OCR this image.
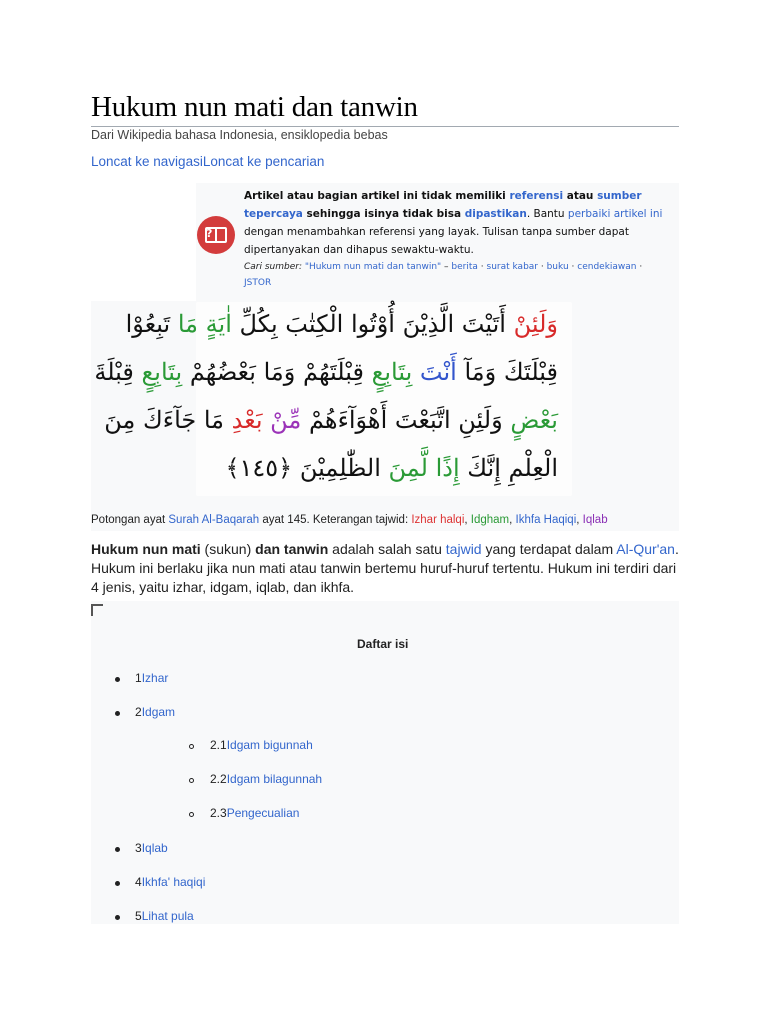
Hukum nun mati dan tanwin
Dari Wikipedia bahasa Indonesia, ensiklopedia bebas
Loncat ke navigasiLoncat ke pencarian
?
Artikel atau bagian artikel ini tidak memiliki referensi atau sumber tepercaya sehingga isinya tidak bisa dipastikan. Bantu perbaiki artikel ini dengan menambahkan referensi yang layak. Tulisan tanpa sumber dapat dipertanyakan dan dihapus sewaktu-waktu.
Cari sumber: "Hukum nun mati dan tanwin" – berita · surat kabar · buku · cendekiawan · JSTOR
وَلَئِنْ أَتَيْتَ الَّذِيْنَ أُوْتُوا الْكِتٰبَ بِكُلِّ اٰيَةٍ مَا تَبِعُوْا
قِبْلَتَكَ وَمَآ أَنْتَ بِتَابِعٍ قِبْلَتَهُمْ وَمَا بَعْضُهُمْ بِتَابِعٍ قِبْلَةَ
بَعْضٍ وَلَئِنِ اتَّبَعْتَ أَهْوَآءَهُمْ مِّنْ بَعْدِ مَا جَآءَكَ مِنَ
الْعِلْمِ إِنَّكَ إِذًا لَّمِنَ الظّٰلِمِيْنَ ﴿١٤٥﴾
Potongan ayat Surah Al-Baqarah ayat 145. Keterangan tajwid: Izhar halqi, Idgham, Ikhfa Haqiqi, Iqlab

Hukum nun mati (sukun) dan tanwin adalah salah satu tajwid yang terdapat dalam Al-Qur'an. Hukum ini berlaku jika nun mati atau tanwin bertemu huruf-huruf tertentu. Hukum ini terdiri dari 4 jenis, yaitu izhar, idgam, iqlab, dan ikhfa.

Daftar isi
1Izhar
2Idgam
2.1Idgam bigunnah
2.2Idgam bilagunnah
2.3Pengecualian
3Iqlab
4Ikhfa' haqiqi
5Lihat pula
